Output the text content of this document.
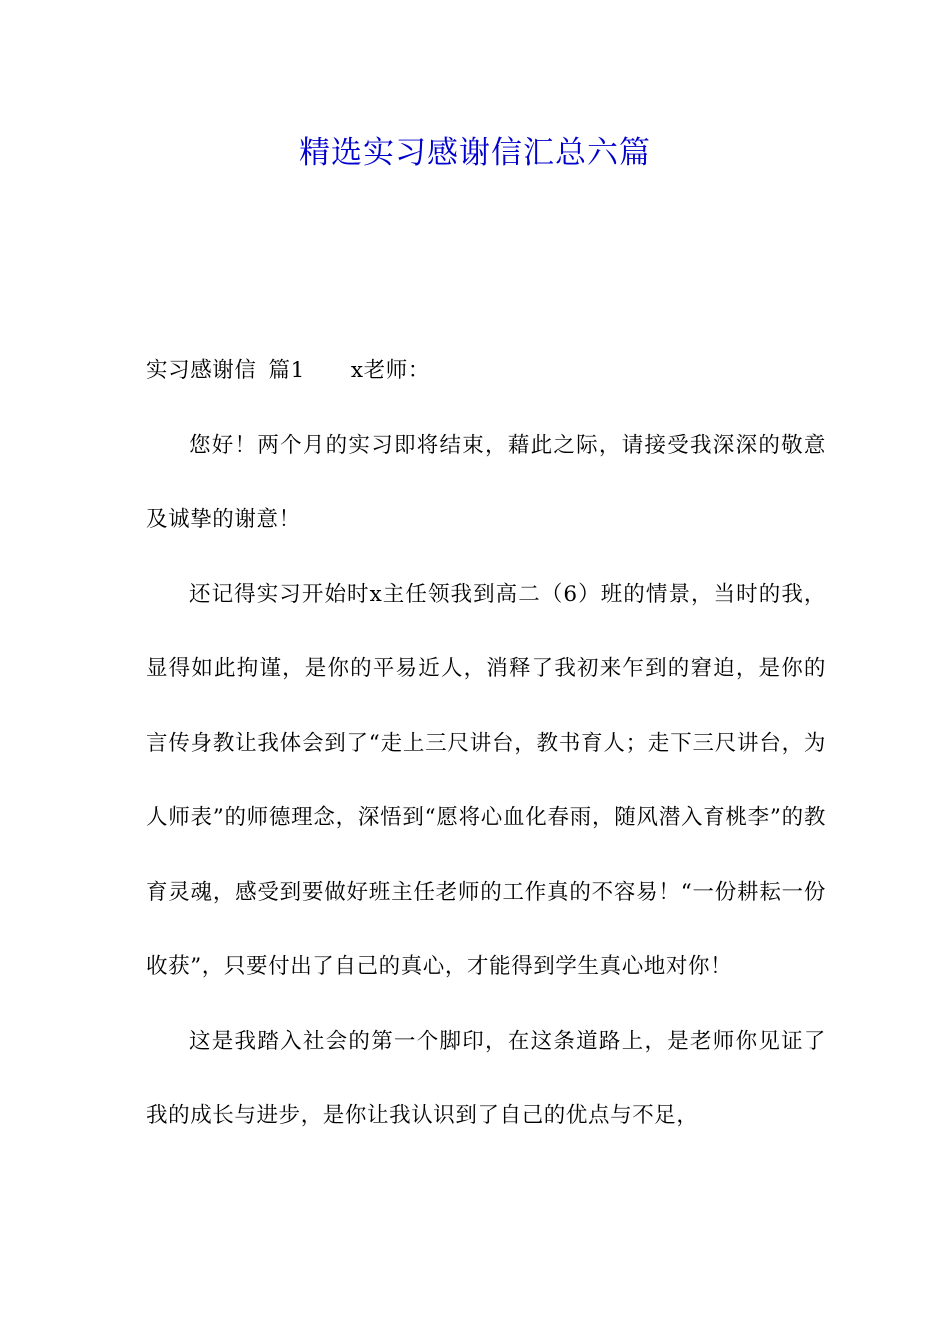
精选实习感谢信汇总六篇

实习感谢信 篇1 x老师：

您好！两个月的实习即将结束，藉此之际，请接受我深深的敬意及诚挚的谢意！

还记得实习开始时x主任领我到高二（6）班的情景，当时的我，显得如此拘谨，是你的平易近人，消释了我初来乍到的窘迫，是你的言传身教让我体会到了“走上三尺讲台，教书育人；走下三尺讲台，为人师表”的师德理念，深悟到“愿将心血化春雨，随风潜入育桃李”的教育灵魂，感受到要做好班主任老师的工作真的不容易！“一份耕耘一份收获”，只要付出了自己的真心，才能得到学生真心地对你！

这是我踏入社会的第一个脚印，在这条道路上，是老师你见证了我的成长与进步，是你让我认识到了自己的优点与不足，
